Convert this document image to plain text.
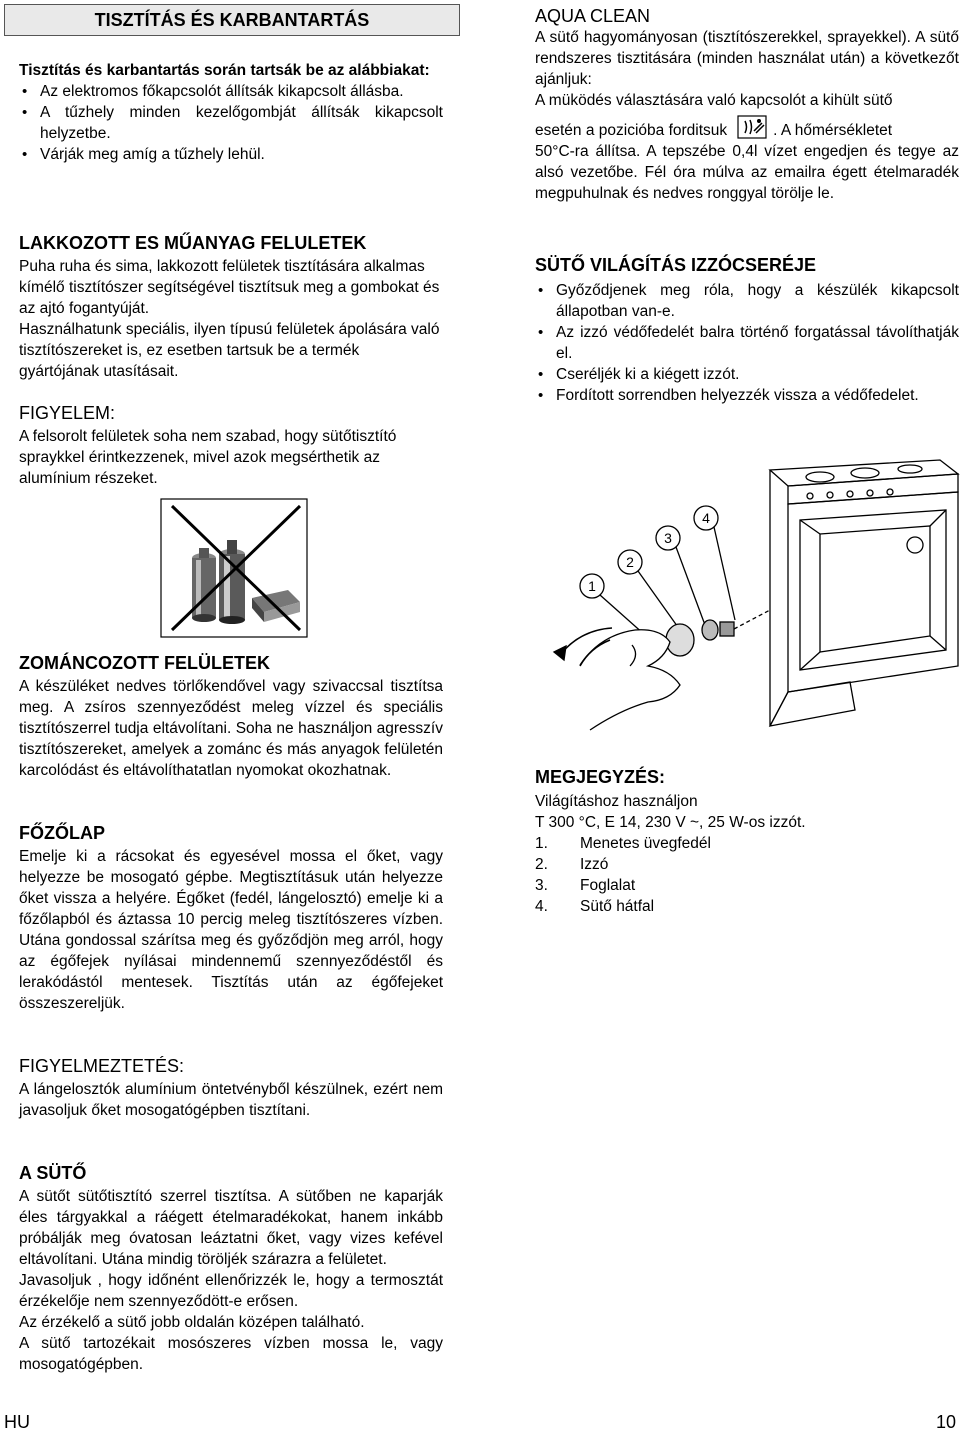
TISZTÍTÁS ÉS KARBANTARTÁS

Tisztítás és karbantartás során tartsák be az alábbiakat:

• Az elektromos főkapcsolót állítsák kikapcsolt állásba.
• A tűzhely minden kezelőgombját állítsák kikapcsolt helyzetbe.
• Várják meg amíg a tűzhely lehül.

LAKKOZOTT ES MŰANYAG FELULETEK

Puha ruha és sima, lakkozott felületek tisztítására alkalmas kímélő tisztítószer segítségével tisztítsuk meg a gombokat és az ajtó fogantyúját.

Használhatunk speciális, ilyen típusú felületek ápolására való tisztítószereket is, ez esetben tartsuk be a termék gyártójának utasításait.

FIGYELEM:

A felsorolt felületek soha nem szabad, hogy sütőtisztító spraykkel érintkezzenek, mivel azok megsérthetik az alumínium részeket.

ZOMÁNCOZOTT FELÜLETEK

A készüléket nedves törlőkendővel vagy szivaccsal tisztítsa meg. A zsíros szennyeződést meleg vízzel és speciális tisztítószerrel tudja eltávolítani. Soha ne használjon agresszív tisztítószereket, amelyek a zománc és más anyagok felületén karcolódást és eltávolíthatatlan nyomokat okozhatnak.

FŐZŐLAP

Emelje ki a rácsokat és egyesével mossa el őket, vagy helyezze be mosogató gépbe. Megtisztításuk után helyezze őket vissza a helyére. Égőket (fedél, lángelosztó) emelje ki a főzőlapból és áztassa 10 percig meleg tisztítószeres vízben. Utána gondossal szárítsa meg és győződjön meg arról, hogy az égőfejek nyílásai mindennemű szennyeződéstől és lerakódástól mentesek. Tisztítás után az égőfejeket összeszereljük.

FIGYELMEZTETÉS:

A lángelosztók alumínium öntetvényből készülnek, ezért nem javasoljuk őket mosogatógépben tisztítani.

A SÜTŐ

A sütőt sütőtisztító szerrel tisztítsa. A sütőben ne kaparják éles tárgyakkal a ráégett ételmaradékokat, hanem inkább próbálják meg óvatosan leáztatni őket, vagy vizes kefével eltávolítani. Utána mindig töröljék szárazra a felületet.

Javasoljuk , hogy időnént ellenőrizzék le, hogy a termosztát érzékelője nem szennyeződött-e erősen.

Az érzékelő a sütő jobb oldalán középen található.

A sütő tartozékait mosószeres vízben mossa le, vagy mosogatógépben.

AQUA CLEAN

A sütő hagyományosan (tisztítószerekkel, sprayekkel). A sütő rendszeres tisztitására (minden használat után) a következőt ajánljuk:

A müködés választására való kapcsolót a kihült sütő

esetén a pozicióba forditsuk	. A hőmérsékletet

50°C-ra állítsa. A tepszébe 0,4l vízet engedjen és tegye az alsó vezetőbe. Fél óra múlva az emailra égett ételmaradék megpuhulnak és nedves ronggyal törölje le.

SÜTŐ VILÁGÍTÁS IZZÓCSERÉJE

• Győződjenek meg róla, hogy a készülék kikapcsolt állapotban van-e.
• Az izzó védőfedelét balra történő forgatással távolíthatják el.
• Cseréljék ki a kiégett izzót.
• Fordított sorrendben helyezzék vissza a védőfedelet.
1
2
3
4

MEGJEGYZÉS:

Világításhoz használjon

T 300 °C, E 14, 230 V ~, 25 W-os izzót.

1. Menetes üvegfedél
2. Izzó
3. Foglalat
4. Sütő hátfal
HU	10
